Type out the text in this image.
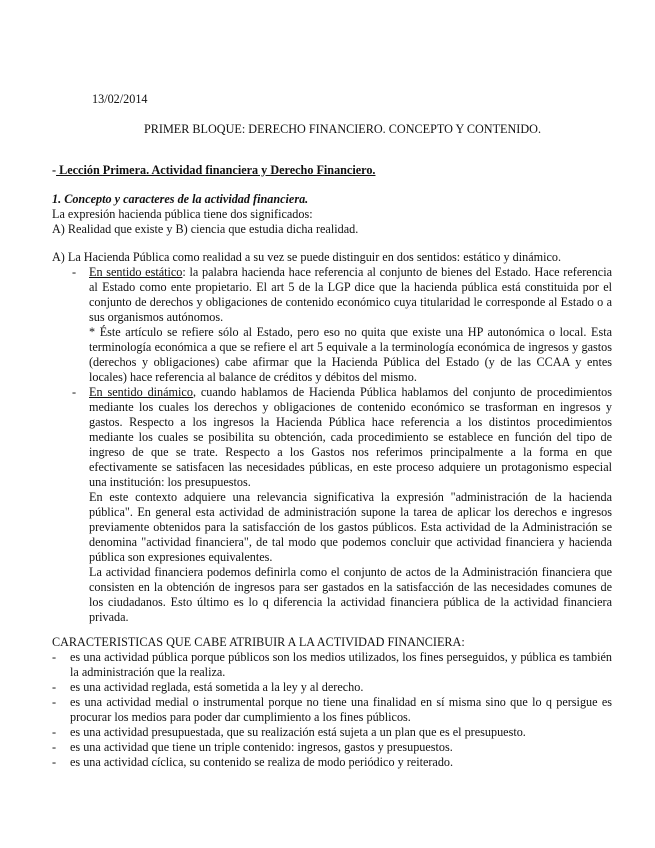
13/02/2014
PRIMER BLOQUE: DERECHO FINANCIERO. CONCEPTO Y CONTENIDO.
- Lección Primera. Actividad financiera y Derecho Financiero.
1. Concepto y caracteres de la actividad financiera.
La expresión hacienda pública tiene dos significados:
A) Realidad que existe y B) ciencia que estudia dicha realidad.
A) La Hacienda Pública como realidad a su vez se puede distinguir en dos sentidos: estático y dinámico.
- En sentido estático: la palabra hacienda hace referencia al conjunto de bienes del Estado. Hace referencia al Estado como ente propietario. El art 5 de la LGP dice que la hacienda pública está constituida por el conjunto de derechos y obligaciones de contenido económico cuya titularidad le corresponde al Estado o a sus organismos autónomos.
* Éste artículo se refiere sólo al Estado, pero eso no quita que existe una HP autonómica o local. Esta terminología económica a que se refiere el art 5 equivale a la terminología económica de ingresos y gastos (derechos y obligaciones) cabe afirmar que la Hacienda Pública del Estado (y de las CCAA y entes locales) hace referencia al balance de créditos y débitos del mismo.
- En sentido dinámico, cuando hablamos de Hacienda Pública hablamos del conjunto de procedimientos mediante los cuales los derechos y obligaciones de contenido económico se trasforman en ingresos y gastos. Respecto a los ingresos la Hacienda Pública hace referencia a los distintos procedimientos mediante los cuales se posibilita su obtención, cada procedimiento se establece en función del tipo de ingreso de que se trate. Respecto a los Gastos nos referimos principalmente a la forma en que efectivamente se satisfacen las necesidades públicas, en este proceso adquiere un protagonismo especial una institución: los presupuestos.
En este contexto adquiere una relevancia significativa la expresión "administración de la hacienda pública". En general esta actividad de administración supone la tarea de aplicar los derechos e ingresos previamente obtenidos para la satisfacción de los gastos públicos. Esta actividad de la Administración se denomina "actividad financiera", de tal modo que podemos concluir que actividad financiera y hacienda pública son expresiones equivalentes.
La actividad financiera podemos definirla como el conjunto de actos de la Administración financiera que consisten en la obtención de ingresos para ser gastados en la satisfacción de las necesidades comunes de los ciudadanos. Esto último es lo q diferencia la actividad financiera pública de la actividad financiera privada.
CARACTERISTICAS QUE CABE ATRIBUIR A LA ACTIVIDAD FINANCIERA:
- es una actividad pública porque públicos son los medios utilizados, los fines perseguidos, y pública es también la administración que la realiza.
- es una actividad reglada, está sometida a la ley y al derecho.
- es una actividad medial o instrumental porque no tiene una finalidad en sí misma sino que lo q persigue es procurar los medios para poder dar cumplimiento a los fines públicos.
- es una actividad presupuestada, que su realización está sujeta a un plan que es el presupuesto.
- es una actividad que tiene un triple contenido: ingresos, gastos y presupuestos.
- es una actividad cíclica, su contenido se realiza de modo periódico y reiterado.
